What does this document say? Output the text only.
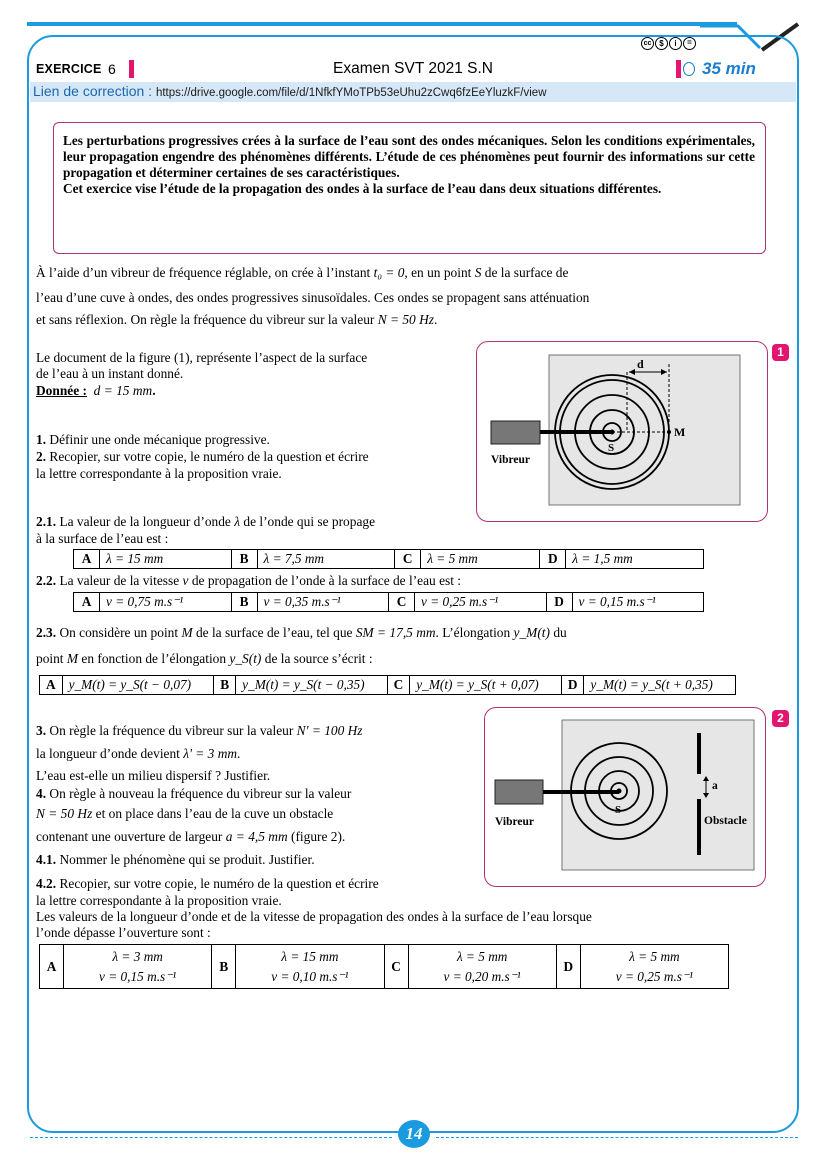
cc $	i	=
EXERCICE 6	Examen SVT 2021 S.N	35 min
Lien de correction : https://drive.google.com/file/d/1NfkfYMoTPb53eUhu2zCwq6fzEeYluzkF/view
Les perturbations progressives crées à la surface de l’eau sont des ondes mécaniques. Selon les conditions expérimentales, leur propagation engendre des phénomènes différents. L’étude de ces phénomènes peut fournir des informations sur cette propagation et déterminer certaines de ses caractéristiques.
Cet exercice vise l’étude de la propagation des ondes à la surface de l’eau dans deux situations différentes.
À l’aide d’un vibreur de fréquence réglable, on crée à l’instant t₀ = 0, en un point S de la surface de
l’eau d’une cuve à ondes, des ondes progressives sinusoïdales. Ces ondes se propagent sans atténuation
et sans réflexion. On règle la fréquence du vibreur sur la valeur N = 50 Hz.
Le document de la figure (1), représente l’aspect de la surface
de l’eau à un instant donné.
Donnée : d = 15 mm.
1. Définir une onde mécanique progressive.
2. Recopier, sur votre copie, le numéro de la question et écrire
la lettre correspondante à la proposition vraie.
d
M
S
Vibreur
1
2.1. La valeur de la longueur d’onde λ de l’onde qui se propage
à la surface de l’eau est :
A	λ = 15 mm	B	λ = 7,5 mm	C	λ = 5 mm	D	λ = 1,5 mm
2.2. La valeur de la vitesse v de propagation de l’onde à la surface de l’eau est :
A	v = 0,75 m.s⁻¹	B	v = 0,35 m.s⁻¹	C	v = 0,25 m.s⁻¹	D	v = 0,15 m.s⁻¹
2.3. On considère un point M de la surface de l’eau, tel que SM = 17,5 mm. L’élongation y_M(t) du
point M en fonction de l’élongation y_S(t) de la source s’écrit :
A	y_M(t) = y_S(t − 0,07)	B	y_M(t) = y_S(t − 0,35)	C	y_M(t) = y_S(t + 0,07)	D	y_M(t) = y_S(t + 0,35)
3. On règle la fréquence du vibreur sur la valeur N' = 100 Hz
la longueur d’onde devient λ' = 3 mm.
L’eau est-elle un milieu dispersif ? Justifier.
4. On règle à nouveau la fréquence du vibreur sur la valeur
N = 50 Hz et on place dans l’eau de la cuve un obstacle
contenant une ouverture de largeur a = 4,5 mm (figure 2).
4.1. Nommer le phénomène qui se produit. Justifier.
4.2. Recopier, sur votre copie, le numéro de la question et écrire
la lettre correspondante à la proposition vraie.
Les valeurs de la longueur d’onde et de la vitesse de propagation des ondes à la surface de l’eau lorsque
l’onde dépasse l’ouverture sont :
a
S
Vibreur	Obstacle
2
A	
λ = 3 mm
v = 0,15 m.s⁻¹
	B	
λ = 15 mm
v = 0,10 m.s⁻¹
	C	
λ = 5 mm
v = 0,20 m.s⁻¹
	D	
λ = 5 mm
v = 0,25 m.s⁻¹
14
